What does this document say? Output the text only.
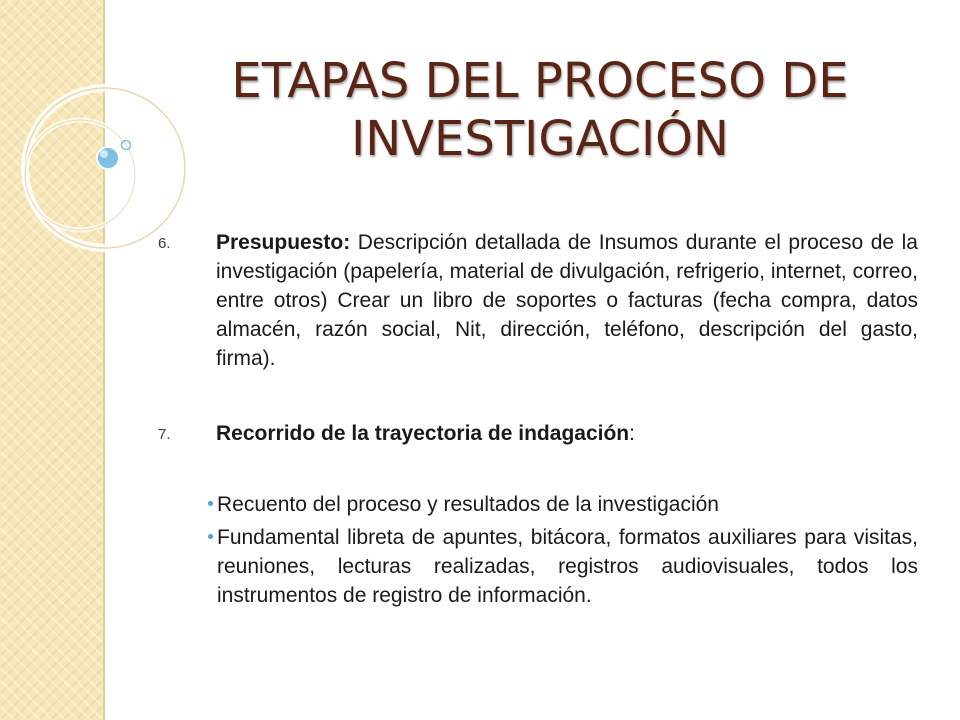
ETAPAS DEL PROCESO DE
INVESTIGACIÓN
6. Presupuesto: Descripción detallada de Insumos durante el proceso de la investigación (papelería, material de divulgación, refrigerio, internet, correo, entre otros) Crear un libro de soportes o facturas (fecha compra, datos almacén, razón social, Nit, dirección, teléfono, descripción del gasto, firma).
7. Recorrido de la trayectoria de indagación:
Recuento del proceso y resultados de la investigación
Fundamental libreta de apuntes, bitácora, formatos auxiliares para visitas, reuniones, lecturas realizadas, registros audiovisuales, todos los instrumentos de registro de información.
